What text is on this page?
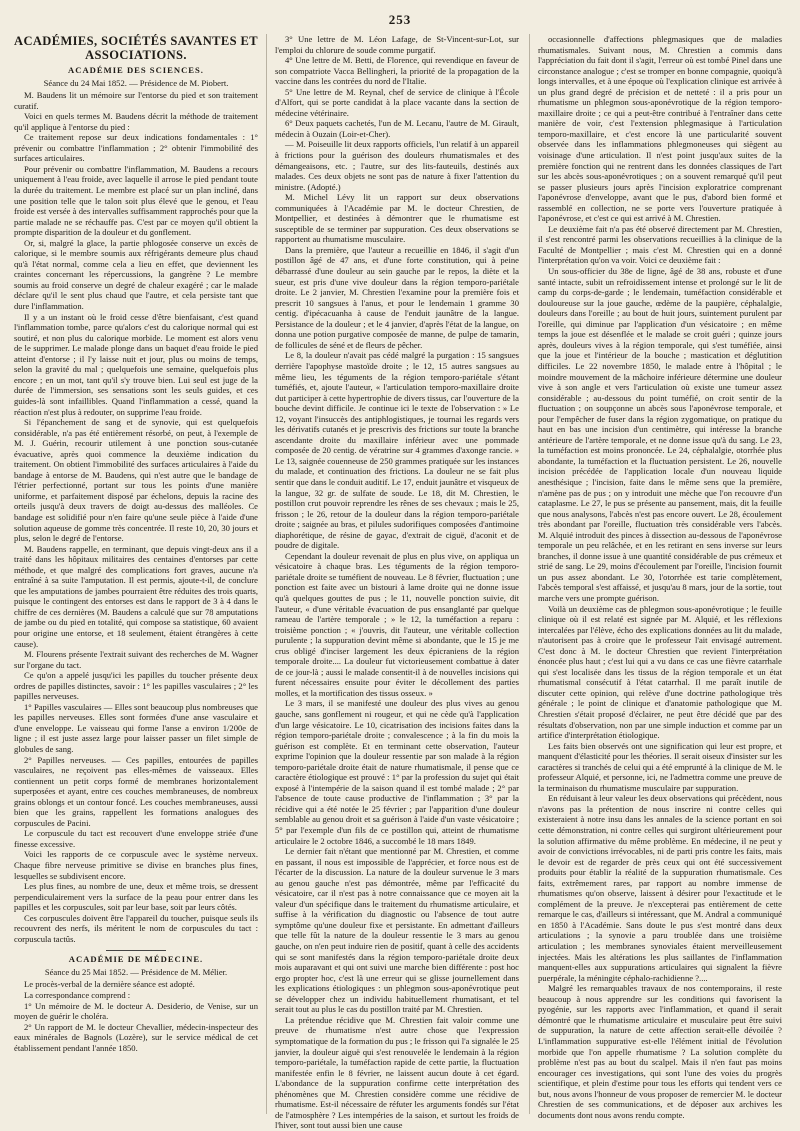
253
ACADÉMIES, SOCIÉTÉS SAVANTES ET ASSOCIATIONS.
ACADÉMIE DES SCIENCES.

Séance du 24 Mai 1852. — Présidence de M. Piobert.

M. Baudens lit un mémoire sur l'entorse du pied et son traitement curatif.

Voici en quels termes M. Baudens décrit la méthode de traitement qu'il applique à l'entorse du pied :

Ce traitement repose sur deux indications fondamentales : 1° prévenir ou combattre l'inflammation ; 2° obtenir l'immobilité des surfaces articulaires.

Pour prévenir ou combattre l'inflammation, M. Baudens a recours uniquement à l'eau froide, avec laquelle il arrose le pied pendant toute la durée du traitement. Le membre est placé sur un plan incliné, dans une position telle que le talon soit plus élevé que le genou, et l'eau froide est versée à des intervalles suffisamment rapprochés pour que la partie malade ne se réchauffe pas. C'est par ce moyen qu'il obtient la prompte disparition de la douleur et du gonflement.

Or, si, malgré la glace, la partie phlogosée conserve un excès de calorique, si le membre soumis aux réfrigérants demeure plus chaud qu'à l'état normal, comme cela a lieu en effet, que deviennent les craintes concernant les répercussions, la gangrène ? Le membre soumis au froid conserve un degré de chaleur exagéré ; car le malade déclare qu'il le sent plus chaud que l'autre, et cela persiste tant que dure l'inflammation.

Il y a un instant où le froid cesse d'être bienfaisant, c'est quand l'inflammation tombe, parce qu'alors c'est du calorique normal qui est soutiré, et non plus du calorique morbide. Le moment est alors venu de le supprimer. Le malade plonge dans un baquet d'eau froide le pied atteint d'entorse ; il l'y laisse nuit et jour, plus ou moins de temps, selon la gravité du mal ; quelquefois une semaine, quelquefois plus encore ; en un mot, tant qu'il s'y trouve bien. Lui seul est juge de la durée de l'immersion, ses sensations sont les seuls guides, et ces guides-là sont infaillibles. Quand l'inflammation a cessé, quand la réaction n'est plus à redouter, on supprime l'eau froide.

Si l'épanchement de sang et de synovie, qui est quelquefois considérable, n'a pas été entièrement résorbé, on peut, à l'exemple de M. J. Guérin, recourir utilement à une ponction sous-cutanée évacuative, après quoi commence la deuxième indication du traitement. On obtient l'immobilité des surfaces articulaires à l'aide du bandage à entorse de M. Baudens, qui n'est autre que le bandage de l'étrier perfectionné, portant sur tous les points d'une manière uniforme, et parfaitement disposé par échelons, depuis la racine des orteils jusqu'à deux travers de doigt au-dessus des malléoles. Ce bandage est solidifié pour n'en faire qu'une seule pièce à l'aide d'une solution aqueuse de gomme très concentrée. Il reste 10, 20, 30 jours et plus, selon le degré de l'entorse.

M. Baudens rappelle, en terminant, que depuis vingt-deux ans il a traité dans les hôpitaux militaires des centaines d'entorses par cette méthode, et que malgré des complications fort graves, aucune n'a entraîné à sa suite l'amputation. Il est permis, ajoute-t-il, de conclure que les amputations de jambes pourraient être réduites des trois quarts, puisque le contingent des entorses est dans le rapport de 3 à 4 dans le chiffre de ces dernières (M. Baudens a calculé que sur 78 amputations de jambe ou du pied en totalité, qui compose sa statistique, 60 avaient pour origine une entorse, et 18 seulement, étaient étrangères à cette cause).

M. Flourens présente l'extrait suivant des recherches de M. Wagner sur l'organe du tact.

Ce qu'on a appelé jusqu'ici les papilles du toucher présente deux ordres de papilles distinctes, savoir : 1° les papilles vasculaires ; 2° les papilles nerveuses.

1° Papilles vasculaires — Elles sont beaucoup plus nombreuses que les papilles nerveuses. Elles sont formées d'une anse vasculaire et d'une enveloppe. Le vaisseau qui forme l'anse a environ 1/200e de ligne ; il est juste assez large pour laisser passer un filet simple de globules de sang.

2° Papilles nerveuses. — Ces papilles, entourées de papilles vasculaires, ne reçoivent pas elles-mêmes de vaisseaux. Elles contiennent un petit corps formé de membranes horizontalement superposées et ayant, entre ces couches membraneuses, de nombreux grains oblongs et un contour foncé. Les couches membraneuses, aussi bien que les grains, rappellent les formations analogues des corpuscules de Pacini.

Le corpuscule du tact est recouvert d'une enveloppe striée d'une finesse excessive.

Voici les rapports de ce corpuscule avec le système nerveux. Chaque fibre nerveuse primitive se divise en branches plus fines, lesquelles se subdivisent encore.

Les plus fines, au nombre de une, deux et même trois, se dressent perpendiculairement vers la surface de la peau pour entrer dans les papilles et les corpuscules, soit par leur base, soit par leurs côtés.

Ces corpuscules doivent être l'appareil du toucher, puisque seuls ils recouvrent des nerfs, ils méritent le nom de corpuscules du tact : corpuscula tactûs.

ACADÉMIE DE MÉDECINE.

Séance du 25 Mai 1852. — Présidence de M. Mélier.

Le procès-verbal de la dernière séance est adopté.

La correspondance comprend :

1° Un mémoire de M. le docteur A. Desiderio, de Venise, sur un moyen de guérir le choléra.

2° Un rapport de M. le docteur Chevallier, médecin-inspecteur des eaux minérales de Bagnols (Lozère), sur le service médical de cet établissement pendant l'année 1850.

3° Une lettre de M. Léon Lafage, de St-Vincent-sur-Lot, sur l'emploi du chlorure de soude comme purgatif.

4° Une lettre de M. Betti, de Florence, qui revendique en faveur de son compatriote Vacca Bellingheri, la priorité de la propagation de la vaccine dans les contrées du nord de l'Italie.

5° Une lettre de M. Reynal, chef de service de clinique à l'École d'Alfort, qui se porte candidat à la place vacante dans la section de médecine vétérinaire.

6° Deux paquets cachetés, l'un de M. Lecanu, l'autre de M. Girault, médecin à Ouzain (Loir-et-Cher).

— M. Poiseuille lit deux rapports officiels, l'un relatif à un appareil à frictions pour la guérison des douleurs rhumatismales et des démangeaisons, etc. ; l'autre, sur des lits-fauteuils, destinés aux malades. Ces deux objets ne sont pas de nature à fixer l'attention du ministre. (Adopté.)

M. Michel Lévy lit un rapport sur deux observations communiquées à l'Académie par M. le docteur Chrestien, de Montpellier, et destinées à démontrer que le rhumatisme est susceptible de se terminer par suppuration. Ces deux observations se rapportent au rhumatisme musculaire.

Dans la première, que l'auteur a recueillie en 1846, il s'agit d'un postillon âgé de 47 ans, et d'une forte constitution, qui à peine débarrassé d'une douleur au sein gauche par le repos, la diète et la sueur, est pris d'une vive douleur dans la région temporo-pariétale droite. Le 2 janvier, M. Chrestien l'examine pour la première fois et prescrit 10 sangsues à l'anus, et pour le lendemain 1 gramme 30 centig. d'ipécacuanha à cause de l'enduit jaunâtre de la langue. Persistance de la douleur ; et le 4 janvier, d'après l'état de la langue, on donna une potion purgative composée de manne, de pulpe de tamarin, de follicules de séné et de fleurs de pêcher.

Le 8, la douleur n'avait pas cédé malgré la purgation : 15 sangsues derrière l'apophyse mastoïde droite ; le 12, 15 autres sangsues au même lieu, les téguments de la région temporo-pariétale s'étant tuméfiés, et, ajoute l'auteur, « l'articulation temporo-maxillaire droite dut participer à cette hypertrophie de divers tissus, car l'ouverture de la bouche devint difficile. Je continue ici le texte de l'observation : » Le 12, voyant l'insuccès des antiphlogistiques, je tournai les regards vers les dérivatifs cutanés et je prescrivis des frictions sur toute la branche ascendante droite du maxillaire inférieur avec une pommade composée de 20 centig. de vératrine sur 4 grammes d'axonge rancie. » Le 13, saignée couenneuse de 250 grammes pratiquée sur les instances du malade, et continuation des frictions. La douleur ne se fait plus sentir que dans le conduit auditif. Le 17, enduit jaunâtre et visqueux de la langue, 32 gr. de sulfate de soude. Le 18, dit M. Chrestien, le postillon crut pouvoir reprendre les rênes de ses chevaux ; mais le 25, frisson ; le 26, retour de la douleur dans la région temporo-pariétale droite ; saignée au bras, et pilules sudorifiques composées d'antimoine diaphorétique, de résine de gayac, d'extrait de ciguë, d'aconit et de poudre de digitale.

Cependant la douleur revenait de plus en plus vive, on appliqua un vésicatoire à chaque bras. Les téguments de la région temporo-pariétale droite se tuméfient de nouveau. Le 8 février, fluctuation ; une ponction est faite avec un bistouri à lame droite qui ne donne issue qu'à quelques gouttes de pus ; le 11, nouvelle ponction suivie, dit l'auteur, « d'une véritable évacuation de pus ensanglanté par quelque rameau de l'artère temporale ; » le 12, la tuméfaction a reparu : troisième ponction ; « j'ouvris, dit l'auteur, une véritable collection purulente ; la suppuration devint même si abondante, que le 15 je me crus obligé d'inciser largement les deux épicraniens de la région temporale droite.... La douleur fut victorieusement combattue à dater de ce jour-là ; aussi le malade consentit-il à de nouvelles incisions qui furent nécessaires ensuite pour éviter le décollement des parties molles, et la mortification des tissus osseux. »

Le 3 mars, il se manifesté une douleur des plus vives au genou gauche, sans gonflement ni rougeur, et qui ne cède qu'à l'application d'un large vésicatoire. Le 10, cicatrisation des incisions faites dans la région temporo-pariétale droite ; convalescence ; à la fin du mois la guérison est complète. Et en terminant cette observation, l'auteur exprime l'opinion que la douleur ressentie par son malade à la région temporo-pariétale droite était de nature rhumatismale, il pense que ce caractère étiologique est prouvé : 1° par la profession du sujet qui était exposé à l'intempérie de la saison quand il est tombé malade ; 2° par l'absence de toute cause productive de l'inflammation ; 3° par la récidive qui a été notée le 25 février ; par l'apparition d'une douleur semblable au genou droit et sa guérison à l'aide d'un vaste vésicatoire ; 5° par l'exemple d'un fils de ce postillon qui, atteint de rhumatisme articulaire le 2 octobre 1846, a succombé le 18 mars 1849.

Le dernier fait n'étant que mentionné par M. Chrestien, et comme en passant, il nous est impossible de l'apprécier, et force nous est de l'écarter de la discussion. La nature de la douleur survenue le 3 mars au genou gauche n'est pas démontrée, même par l'efficacité du vésicatoire, car il n'est pas à notre connaissance que ce moyen ait la valeur d'un spécifique dans le traitement du rhumatisme articulaire, et suffise à la vérification du diagnostic ou l'absence de tout autre symptôme qu'une douleur fixe et persistante. En admettant d'ailleurs que telle fût la nature de la douleur ressentie le 3 mars au genou gauche, on n'en peut induire rien de positif, quant à celle des accidents qui se sont manifestés dans la région temporo-pariétale droite deux mois auparavant et qui ont suivi une marche bien différente : post hoc ergo propter hoc, c'est là une erreur qui se glisse journellement dans les explications étiologiques : un phlegmon sous-aponévrotique peut se développer chez un individu habituellement rhumatisant, et tel serait tout au plus le cas du postillon traité par M. Chrestien.

La prétendue récidive que M. Chrestien fait valoir comme une preuve de rhumatisme n'est autre chose que l'expression symptomatique de la formation du pus ; le frisson qui l'a signalée le 25 janvier, la douleur aiguë qui s'est renouvelée le lendemain à la région temporo-pariétale, la tuméfaction rapide de cette partie, la fluctuation manifestée enfin le 8 février, ne laissent aucun doute à cet égard. L'abondance de la suppuration confirme cette interprétation des phénomènes que M. Chrestien considère comme une récidive de rhumatisme. Est-il nécessaire de réfuter les arguments fondés sur l'état de l'atmosphère ? Les intempéries de la saison, et surtout les froids de l'hiver, sont tout aussi bien une cause

occasionnelle d'affections phlegmasiques que de maladies rhumatismales. Suivant nous, M. Chrestien a commis dans l'appréciation du fait dont il s'agit, l'erreur où est tombé Pinel dans une circonstance analogue ; c'est se tromper en bonne compagnie, quoiqu'à longs intervalles, et à une époque où l'explication clinique est arrivée à un plus grand degré de précision et de netteté : il a pris pour un rhumatisme un phlegmon sous-aponévrotique de la région temporo-maxillaire droite ; ce qui a peut-être contribué à l'entraîner dans cette manière de voir, c'est l'extension phlegmasique à l'articulation temporo-maxillaire, et c'est encore là une particularité souvent observée dans les inflammations phlegmoneuses qui siègent au voisinage d'une articulation. Il n'est point jusqu'aux suites de la première fonction qui ne rentrent dans les données classiques de l'art sur les abcès sous-aponévrotiques ; on a souvent remarqué qu'il peut se passer plusieurs jours après l'incision exploratrice comprenant l'aponévrose d'enveloppe, avant que le pus, d'abord bien formé et rassemblé en collection, ne se porte vers l'ouverture pratiquée à l'aponévrose, et c'est ce qui est arrivé à M. Chrestien.

Le deuxième fait n'a pas été observé directement par M. Chrestien, il s'est rencontré parmi les observations recueillies à la clinique de la Faculté de Montpellier ; mais c'est M. Chrestien qui en a donné l'interprétation qu'on va voir. Voici ce deuxième fait :

Un sous-officier du 38e de ligne, âgé de 38 ans, robuste et d'une santé intacte, subit un refroidissement intense et prolongé sur le lit de camp du corps-de-garde ; le lendemain, tuméfaction considérable et douloureuse sur la joue gauche, œdème de la paupière, céphalalgie, douleurs dans l'oreille ; au bout de huit jours, suintement purulent par l'oreille, qui diminue par l'application d'un vésicatoire ; en même temps la joue est désenflée et le malade se croit guéri ; quinze jours après, douleurs vives à la région temporale, qui s'est tuméfiée, ainsi que la joue et l'intérieur de la bouche ; mastication et déglutition difficiles. Le 22 novembre 1850, le malade entre à l'hôpital ; le moindre mouvement de la mâchoire inférieure détermine une douleur vive à son angle et vers l'articulation où existe une tumeur assez considérable ; au-dessous du point tuméfié, on croit sentir de la fluctuation ; on soupçonne un abcès sous l'aponévrose temporale, et pour l'empêcher de fuser dans la région zygomatique, on pratique du haut en bas une incision d'un centimètre, qui intéresse la branche antérieure de l'artère temporale, et ne donne issue qu'à du sang. Le 23, la tuméfaction est moins prononcée. Le 24, céphalalgie, otorrhée plus abondante, la tuméfaction et la fluctuation persistent. Le 26, nouvelle incision précédée de l'application locale d'un nouveau liquide anesthésique ; l'incision, faite dans le même sens que la première, n'amène pas de pus ; on y introduit une mèche que l'on recouvre d'un cataplasme. Le 27, le pus se présente au pansement, mais, dit la feuille que nous analysons, l'abcès n'est pas encore ouvert. Le 28, écoulement très abondant par l'oreille, fluctuation très considérable vers l'abcès. M. Alquié introduit des pinces à dissection au-dessous de l'aponévrose temporale un peu relâchée, et en les retirant en sens inverse sur leurs branches, il donne issue à une quantité considérable de pus crémeux et strié de sang. Le 29, moins d'écoulement par l'oreille, l'incision fournit un pus assez abondant. Le 30, l'otorrhée est tarie complètement, l'abcès temporal s'est affaissé, et jusqu'au 8 mars, jour de la sortie, tout marche vers une prompte guérison.

Voilà un deuxième cas de phlegmon sous-aponévrotique ; le feuille clinique où il est relaté est signée par M. Alquié, et les réflexions intercalées par l'élève, écho des explications données au lit du malade, n'autorisent pas à croire que le professeur l'ait envisagé autrement. C'est donc à M. le docteur Chrestien que revient l'interprétation énoncée plus haut ; c'est lui qui a vu dans ce cas une fièvre catarrhale qui s'est localisée dans les tissus de la région temporale et un état rhumatismal consécutif à l'état catarrhal. Il me paraît inutile de discuter cette opinion, qui relève d'une doctrine pathologique très générale ; le point de clinique et d'anatomie pathologique que M. Chrestien s'était proposé d'éclairer, ne peut être décidé que par des résultats d'observation, non par une simple induction et comme par un artifice d'interprétation étiologique.

Les faits bien observés ont une signification qui leur est propre, et manquent d'élasticité pour les théories. Il serait oiseux d'insister sur les caractères si tranchés de celui qui a été emprunté à la clinique de M. le professeur Alquié, et personne, ici, ne l'admettra comme une preuve de la terminaison du rhumatisme musculaire par suppuration.

En réduisant à leur valeur les deux observations qui précèdent, nous n'avons pas la prétention de nous inscrire ni contre celles qui existeraient à notre insu dans les annales de la science portant en soi cette démonstration, ni contre celles qui surgiront ultérieurement pour la solution affirmative du même problème. En médecine, il ne peut y avoir de convictions irrévocables, ni de parti pris contre les faits, mais le devoir est de regarder de près ceux qui ont été successivement produits pour établir la réalité de la suppuration rhumatismale. Ces faits, extrêmement rares, par rapport au nombre immense de rhumatismes qu'on observe, laissent à désirer pour l'exactitude et le complément de la preuve. Je n'excepterai pas entièrement de cette remarque le cas, d'ailleurs si intéressant, que M. Andral a communiqué en 1850 à l'Académie. Sans doute le pus s'est montré dans deux articulations ; la synovie a paru troublée dans une troisième articulation ; les membranes synoviales étaient merveilleusement injectées. Mais les altérations les plus saillantes de l'inflammation manquent-elles aux suppurations articulaires qui signalent la fièvre puerpérale, la méningite céphalo-rachidienne ?....

Malgré les remarquables travaux de nos contemporains, il reste beaucoup à nous apprendre sur les conditions qui favorisent la pyogénie, sur les rapports avec l'inflammation, et quand il serait démontré que le rhumatisme articulaire et musculaire peut être suivi de suppuration, la nature de cette affection serait-elle dévoilée ? L'inflammation suppurative est-elle l'élément initial de l'évolution morbide que l'on appelle rhumatisme ? La solution complète du problème n'est pas au bout du scalpel. Mais il n'en faut pas moins encourager ces investigations, qui sont l'une des voies du progrès scientifique, et plein d'estime pour tous les efforts qui tendent vers ce but, nous avons l'honneur de vous proposer de remercier M. le docteur Chrestien de ses communications, et de déposer aux archives les documents dont nous avons rendu compte.
